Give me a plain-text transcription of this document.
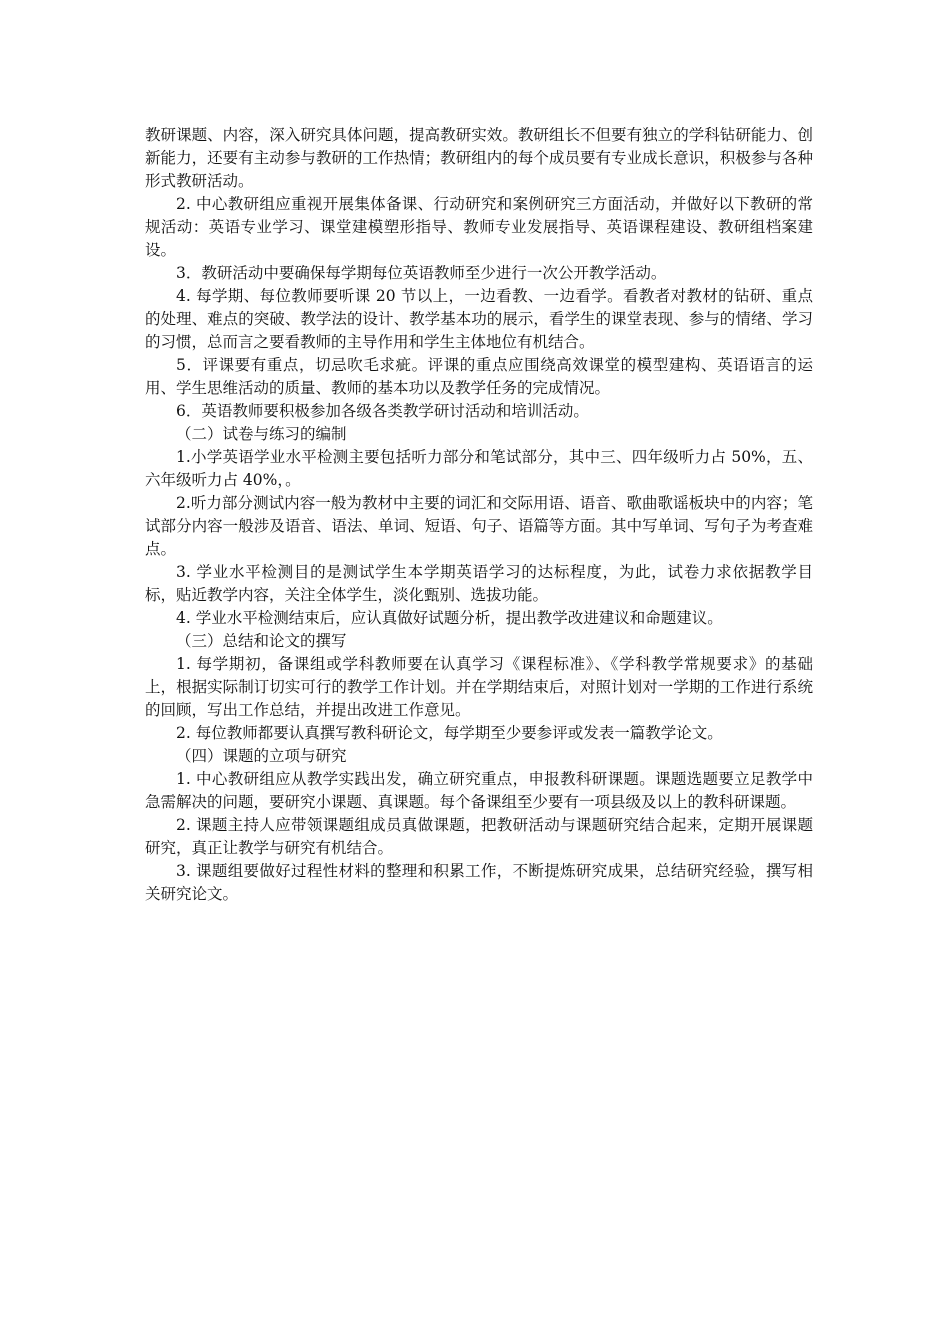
教研课题、内容，深入研究具体问题，提高教研实效。教研组长不但要有独立的学科钻研能力、创新能力，还要有主动参与教研的工作热情；教研组内的每个成员要有专业成长意识，积极参与各种形式教研活动。

2. 中心教研组应重视开展集体备课、行动研究和案例研究三方面活动，并做好以下教研的常规活动：英语专业学习、课堂建模塑形指导、教师专业发展指导、英语课程建设、教研组档案建设。

3．教研活动中要确保每学期每位英语教师至少进行一次公开教学活动。

4. 每学期、每位教师要听课 20 节以上，一边看教、一边看学。看教者对教材的钻研、重点的处理、难点的突破、教学法的设计、教学基本功的展示，看学生的课堂表现、参与的情绪、学习的习惯，总而言之要看教师的主导作用和学生主体地位有机结合。

5．评课要有重点，切忌吹毛求疵。评课的重点应围绕高效课堂的模型建构、英语语言的运用、学生思维活动的质量、教师的基本功以及教学任务的完成情况。

6．英语教师要积极参加各级各类教学研讨活动和培训活动。

（二）试卷与练习的编制

1.小学英语学业水平检测主要包括听力部分和笔试部分，其中三、四年级听力占 50%，五、六年级听力占 40%，。

2.听力部分测试内容一般为教材中主要的词汇和交际用语、语音、歌曲歌谣板块中的内容；笔试部分内容一般涉及语音、语法、单词、短语、句子、语篇等方面。其中写单词、写句子为考查难点。

3. 学业水平检测目的是测试学生本学期英语学习的达标程度，为此，试卷力求依据教学目标，贴近教学内容，关注全体学生，淡化甄别、选拔功能。

4. 学业水平检测结束后，应认真做好试题分析，提出教学改进建议和命题建议。

（三）总结和论文的撰写

1. 每学期初，备课组或学科教师要在认真学习《课程标准》、《学科教学常规要求》的基础上，根据实际制订切实可行的教学工作计划。并在学期结束后，对照计划对一学期的工作进行系统的回顾，写出工作总结，并提出改进工作意见。

2. 每位教师都要认真撰写教科研论文，每学期至少要参评或发表一篇教学论文。

（四）课题的立项与研究

1. 中心教研组应从教学实践出发，确立研究重点，申报教科研课题。课题选题要立足教学中急需解决的问题，要研究小课题、真课题。每个备课组至少要有一项县级及以上的教科研课题。

2. 课题主持人应带领课题组成员真做课题，把教研活动与课题研究结合起来，定期开展课题研究，真正让教学与研究有机结合。

3. 课题组要做好过程性材料的整理和积累工作，不断提炼研究成果，总结研究经验，撰写相关研究论文。
